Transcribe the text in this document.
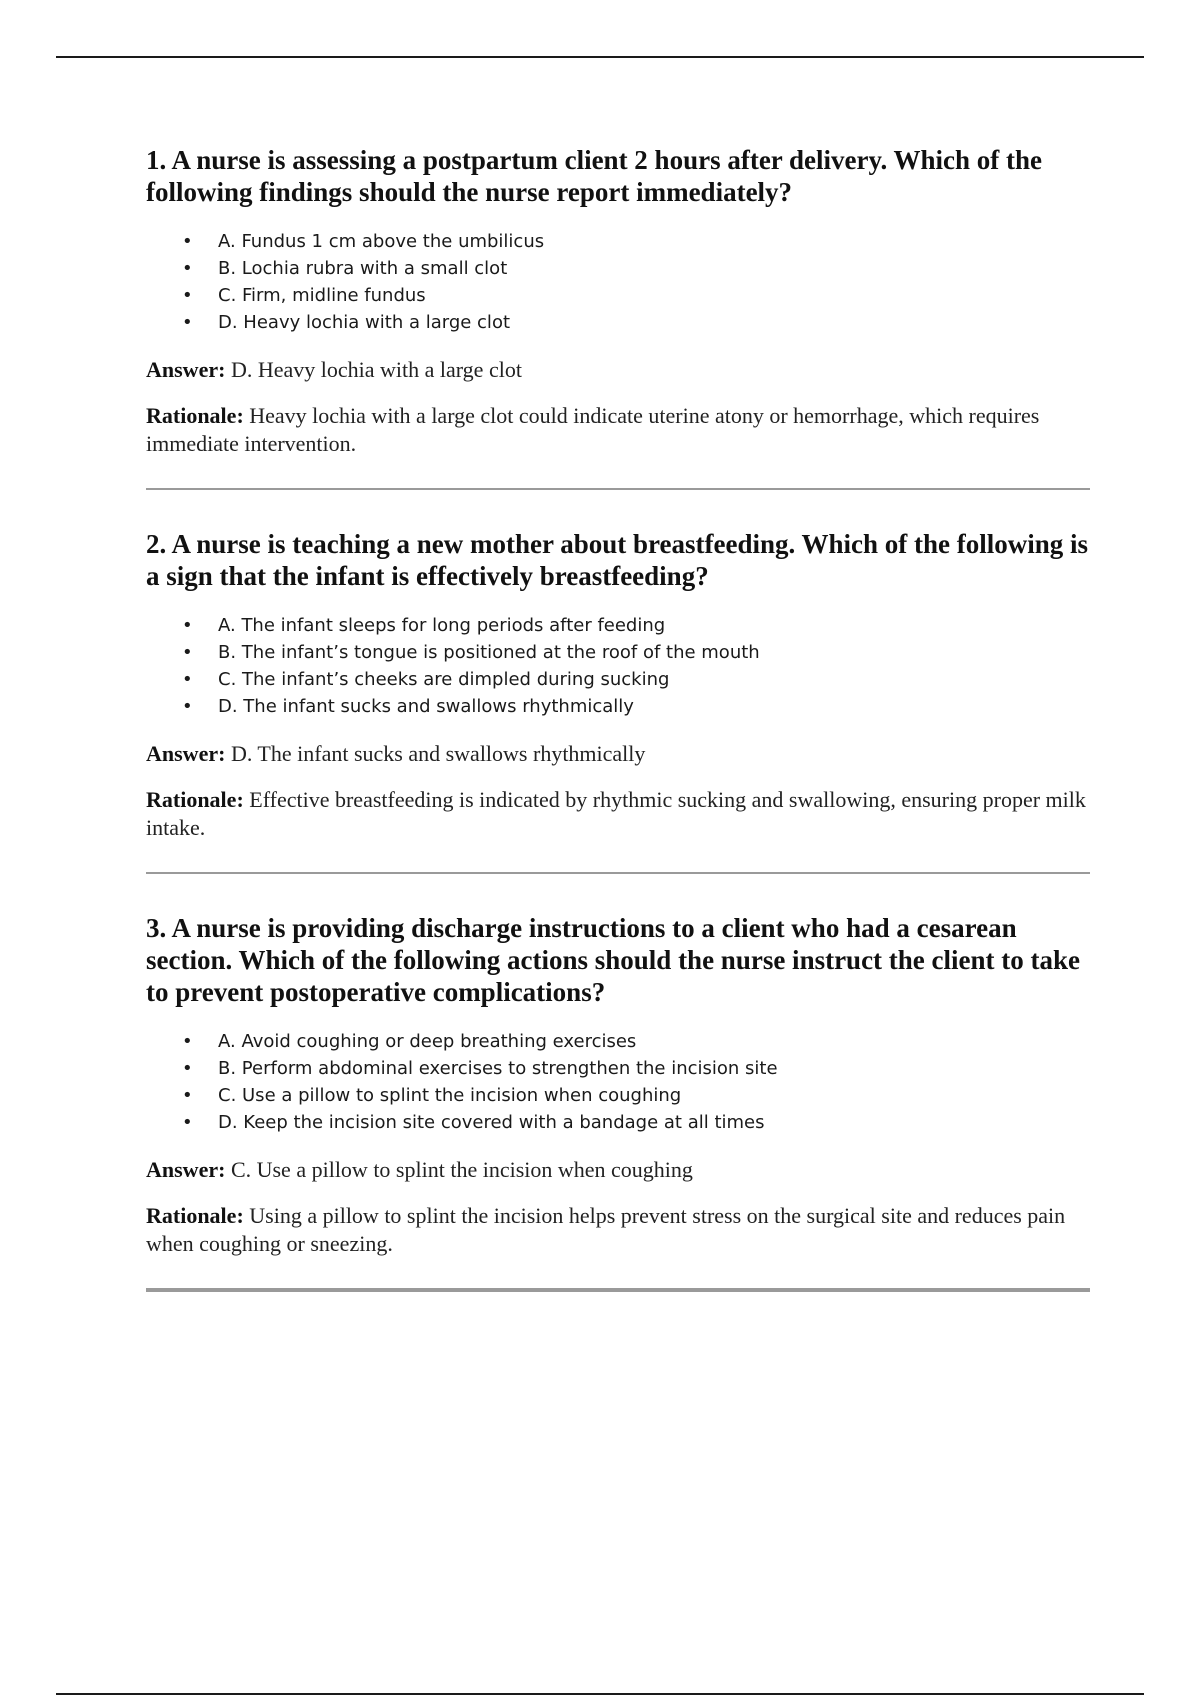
1. A nurse is assessing a postpartum client 2 hours after delivery. Which of the following findings should the nurse report immediately?
• A. Fundus 1 cm above the umbilicus
• B. Lochia rubra with a small clot
• C. Firm, midline fundus
• D. Heavy lochia with a large clot

Answer: D. Heavy lochia with a large clot

Rationale: Heavy lochia with a large clot could indicate uterine atony or hemorrhage, which requires immediate intervention.

2. A nurse is teaching a new mother about breastfeeding. Which of the following is a sign that the infant is effectively breastfeeding?
• A. The infant sleeps for long periods after feeding
• B. The infant’s tongue is positioned at the roof of the mouth
• C. The infant’s cheeks are dimpled during sucking
• D. The infant sucks and swallows rhythmically

Answer: D. The infant sucks and swallows rhythmically

Rationale: Effective breastfeeding is indicated by rhythmic sucking and swallowing, ensuring proper milk intake.

3. A nurse is providing discharge instructions to a client who had a cesarean section. Which of the following actions should the nurse instruct the client to take to prevent postoperative complications?
• A. Avoid coughing or deep breathing exercises
• B. Perform abdominal exercises to strengthen the incision site
• C. Use a pillow to splint the incision when coughing
• D. Keep the incision site covered with a bandage at all times

Answer: C. Use a pillow to splint the incision when coughing

Rationale: Using a pillow to splint the incision helps prevent stress on the surgical site and reduces pain when coughing or sneezing.
